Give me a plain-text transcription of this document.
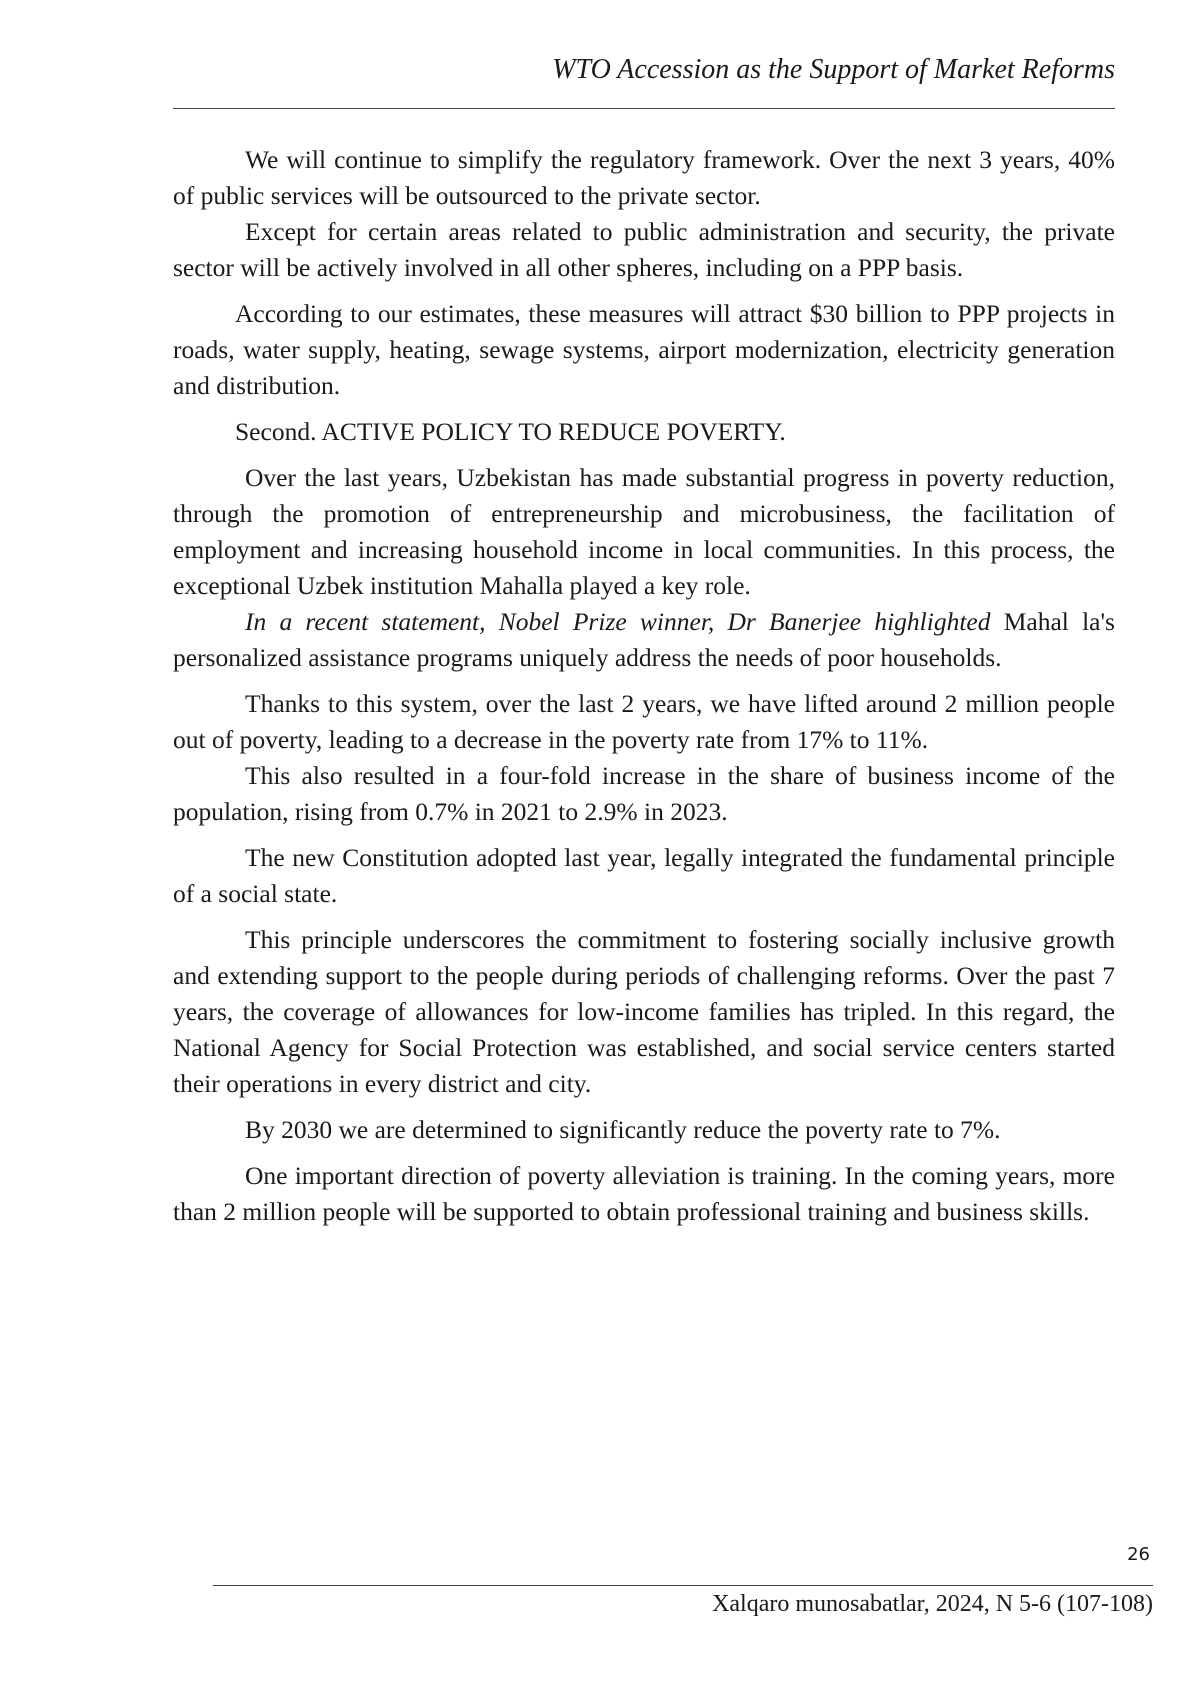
WTO Accession as the Support of Market Reforms

We will continue to simplify the regulatory framework. Over the next 3 years, 40% of public services will be outsourced to the private sector.

Except for certain areas related to public administration and security, the private sector will be actively involved in all other spheres, including on a PPP basis.

According to our estimates, these measures will attract $30 billion to PPP projects in roads, water supply, heating, sewage systems, airport modernization, electricity generation and distribution.

Second. ACTIVE POLICY TO REDUCE POVERTY.

Over the last years, Uzbekistan has made substantial progress in poverty reduction, through the promotion of entrepreneurship and microbusiness, the facilitation of employment and increasing household income in local communities. In this process, the exceptional Uzbek institution Mahalla played a key role.

In a recent statement, Nobel Prize winner, Dr Banerjee highlighted Mahal la's personalized assistance programs uniquely address the needs of poor households.

Thanks to this system, over the last 2 years, we have lifted around 2 million people out of poverty, leading to a decrease in the poverty rate from 17% to 11%.

This also resulted in a four-fold increase in the share of business income of the population, rising from 0.7% in 2021 to 2.9% in 2023.

The new Constitution adopted last year, legally integrated the fundamental principle of a social state.

This principle underscores the commitment to fostering socially inclusive growth and extending support to the people during periods of challenging reforms. Over the past 7 years, the coverage of allowances for low-income families has tripled. In this regard, the National Agency for Social Protection was established, and social service centers started their operations in every district and city.

By 2030 we are determined to significantly reduce the poverty rate to 7%.

One important direction of poverty alleviation is training. In the coming years, more than 2 million people will be supported to obtain professional training and business skills.

26
Xalqaro munosabatlar, 2024, N 5-6 (107-108)
